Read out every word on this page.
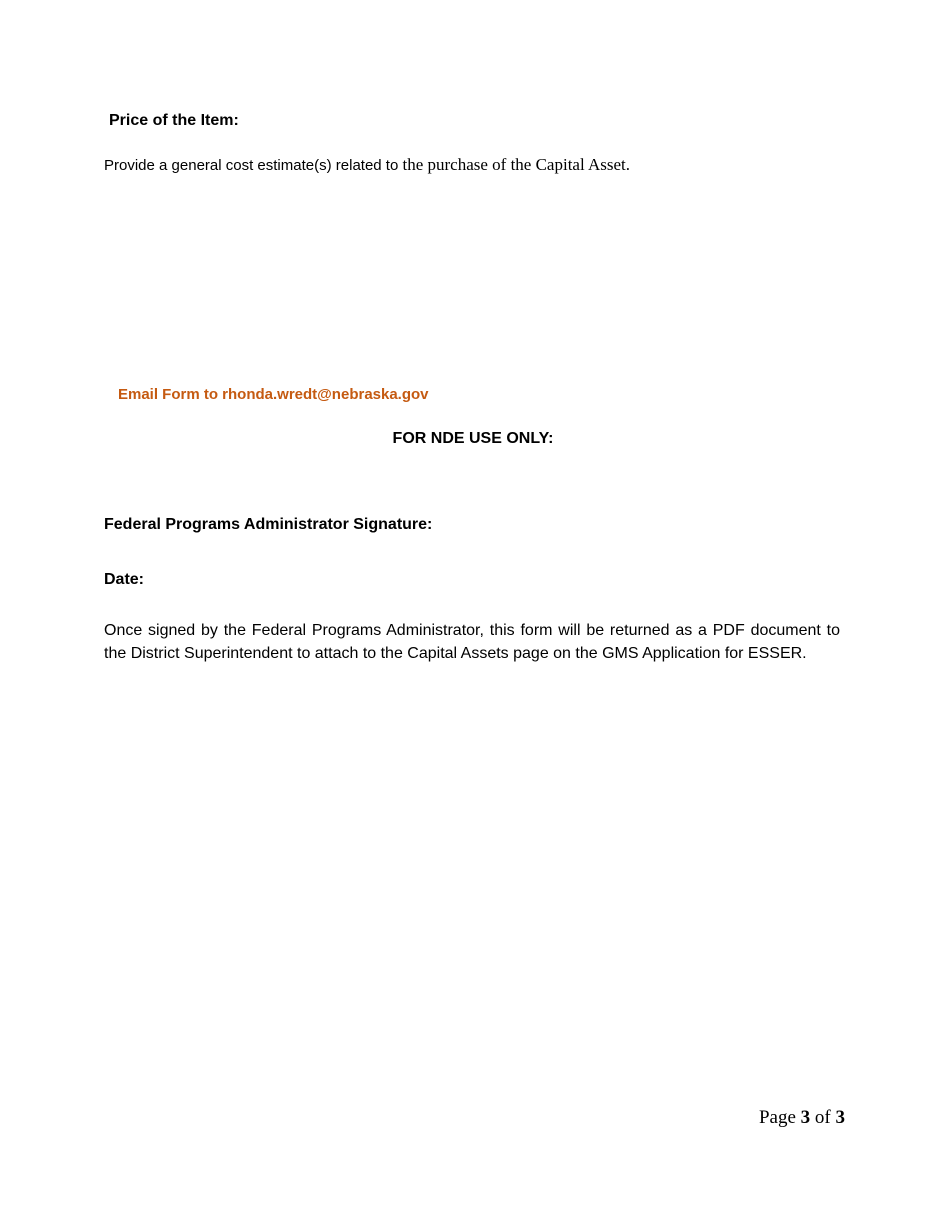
Price of the Item:
Provide a general cost estimate(s) related to the purchase of the Capital Asset.
Email Form to rhonda.wredt@nebraska.gov
FOR NDE USE ONLY:
Federal Programs Administrator Signature:
Date:
Once signed by the Federal Programs Administrator, this form will be returned as a PDF document to the District Superintendent to attach to the Capital Assets page on the GMS Application for ESSER.
Page 3 of 3
